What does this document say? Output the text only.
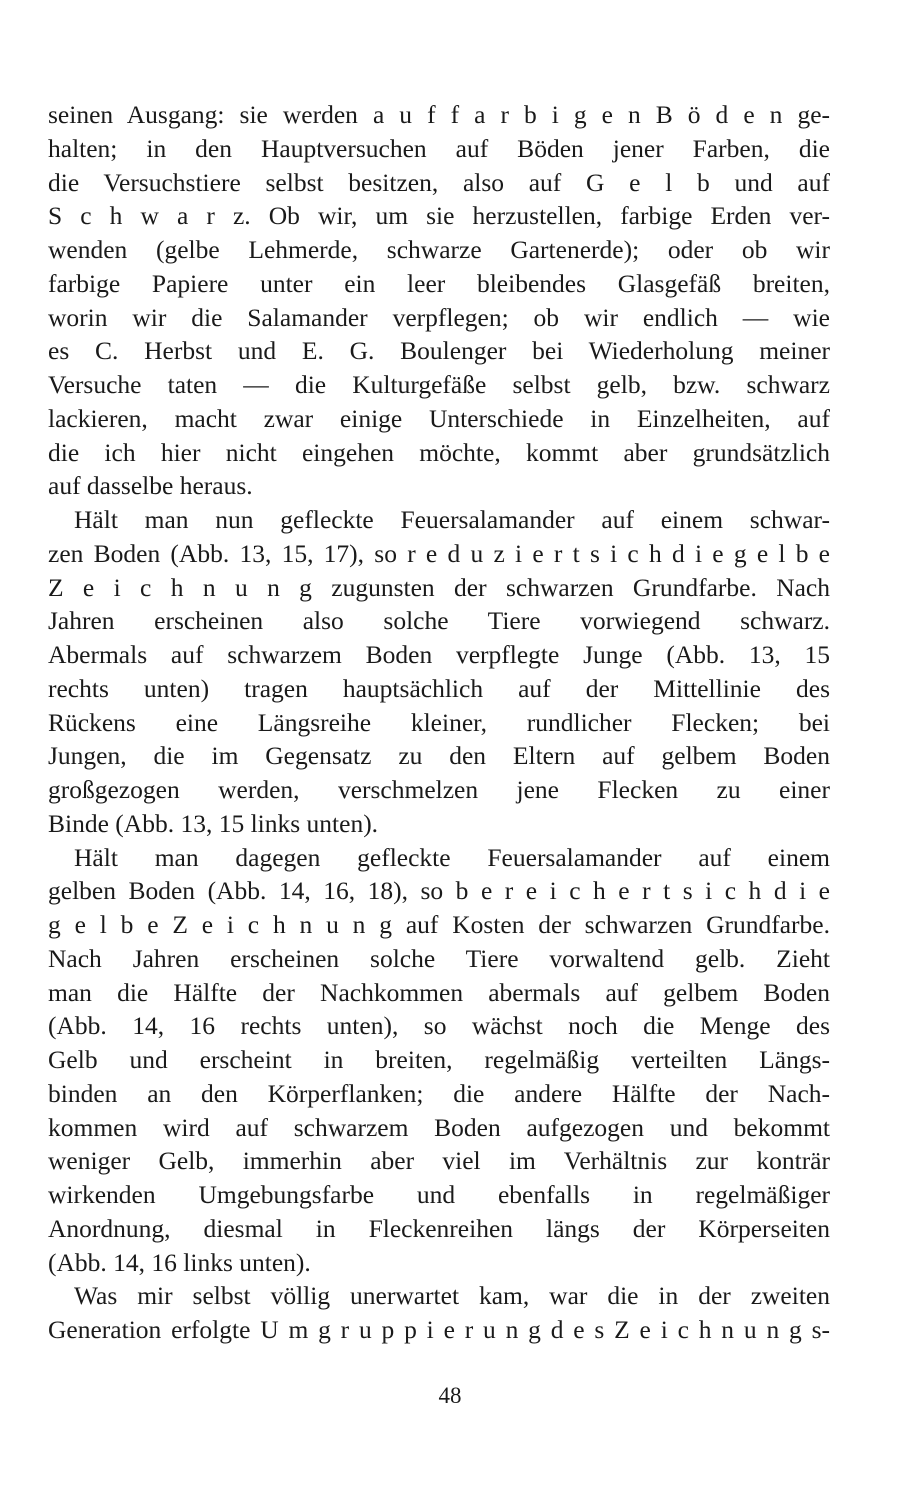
seinen Ausgang: sie werden a u f f a r b i g e n B ö d e n ge-
halten; in den Hauptversuchen auf Böden jener Farben, die
die Versuchstiere selbst besitzen, also auf G e l b und auf
S c h w a r z. Ob wir, um sie herzustellen, farbige Erden ver-
wenden (gelbe Lehmerde, schwarze Gartenerde); oder ob wir
farbige Papiere unter ein leer bleibendes Glasgefäß breiten,
worin wir die Salamander verpflegen; ob wir endlich — wie
es C. Herbst und E. G. Boulenger bei Wiederholung meiner
Versuche taten — die Kulturgefäße selbst gelb, bzw. schwarz
lackieren, macht zwar einige Unterschiede in Einzelheiten, auf
die ich hier nicht eingehen möchte, kommt aber grundsätzlich
auf dasselbe heraus.
Hält man nun gefleckte Feuersalamander auf einem schwar-
zen Boden (Abb. 13, 15, 17), so r e d u z i e r t s i c h d i e g e l b e
Z e i c h n u n g zugunsten der schwarzen Grundfarbe. Nach
Jahren erscheinen also solche Tiere vorwiegend schwarz.
Abermals auf schwarzem Boden verpflegte Junge (Abb. 13, 15
rechts unten) tragen hauptsächlich auf der Mittellinie des
Rückens eine Längsreihe kleiner, rundlicher Flecken; bei
Jungen, die im Gegensatz zu den Eltern auf gelbem Boden
großgezogen werden, verschmelzen jene Flecken zu einer
Binde (Abb. 13, 15 links unten).
Hält man dagegen gefleckte Feuersalamander auf einem
gelben Boden (Abb. 14, 16, 18), so b e r e i c h e r t s i c h d i e
g e l b e Z e i c h n u n g auf Kosten der schwarzen Grundfarbe.
Nach Jahren erscheinen solche Tiere vorwaltend gelb. Zieht
man die Hälfte der Nachkommen abermals auf gelbem Boden
(Abb. 14, 16 rechts unten), so wächst noch die Menge des
Gelb und erscheint in breiten, regelmäßig verteilten Längs-
binden an den Körperflanken; die andere Hälfte der Nach-
kommen wird auf schwarzem Boden aufgezogen und bekommt
weniger Gelb, immerhin aber viel im Verhältnis zur konträr
wirkenden Umgebungsfarbe und ebenfalls in regelmäßiger
Anordnung, diesmal in Fleckenreihen längs der Körperseiten
(Abb. 14, 16 links unten).
Was mir selbst völlig unerwartet kam, war die in der zweiten
Generation erfolgte U m g r u p p i e r u n g d e s Z e i c h n u n g s-
48
